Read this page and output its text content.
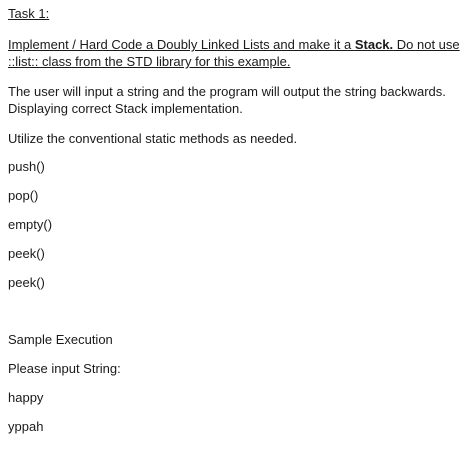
Task 1:
Implement / Hard Code a Doubly Linked Lists and make it a Stack. Do not use
::list:: class from the STD library for this example.
The user will input a string and the program will output the string backwards.
Displaying correct Stack implementation.
Utilize the conventional static methods as needed.
push()
pop()
empty()
peek()
peek()
Sample Execution
Please input String:
happy
yppah
